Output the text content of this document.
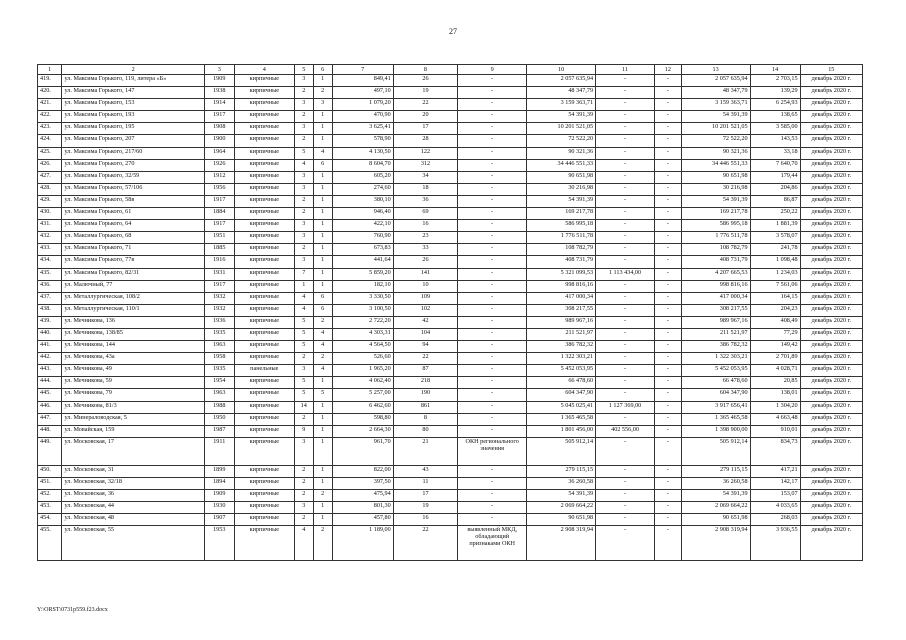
27
1	2	3	4	5	6	7	8	9	10	11	12	13	14	15
419.	ул. Максима Горького, 119, литера «Б»	1909	кирпичные	3	1	849,41	26	-	2 057 635,94	-	-	2 057 635,94	2 703,15	декабрь 2020 г.
420.	ул. Максима Горького, 147	1938	кирпичные	2	2	497,10	19	-	48 347,79	-	-	48 347,79	139,29	декабрь 2020 г.
421.	ул. Максима Горького, 153	1914	кирпичные	3	3	1 079,20	22	-	3 159 363,71	-	-	3 159 363,71	6 254,93	декабрь 2020 г.
422.	ул. Максима Горького, 193	1917	кирпичные	2	1	470,90	20	-	54 391,39	-	-	54 391,39	138,65	декабрь 2020 г.
423.	ул. Максима Горького, 195	1908	кирпичные	3	1	3 625,41	17	-	10 201 521,05	-	-	10 201 521,05	3 585,00	декабрь 2020 г.
424.	ул. Максима Горького, 207	1900	кирпичные	2	1	578,90	28	-	72 522,20	-	-	72 522,20	143,53	декабрь 2020 г.
425.	ул. Максима Горького, 217/60	1964	кирпичные	5	4	4 130,50	122	-	90 321,36	-	-	90 321,36	33,18	декабрь 2020 г.
426.	ул. Максима Горького, 270	1926	кирпичные	4	6	8 604,70	312	-	34 446 551,33	-	-	34 446 551,33	7 640,70	декабрь 2020 г.
427.	ул. Максима Горького, 32/59	1912	кирпичные	3	1	605,20	34	-	90 651,98	-	-	90 651,98	179,44	декабрь 2020 г.
428.	ул. Максима Горького, 57/106	1956	кирпичные	3	1	274,60	18	-	30 216,98	-	-	30 216,98	204,86	декабрь 2020 г.
429.	ул. Максима Горького, 58в	1917	кирпичные	2	1	380,10	36	-	54 391,39	-	-	54 391,39	86,87	декабрь 2020 г.
430.	ул. Максима Горького, 61	1884	кирпичные	2	1	946,40	69	-	169 217,78	-	-	169 217,78	250,22	декабрь 2020 г.
431.	ул. Максима Горького, 64	1917	кирпичные	3	1	422,10	16	-	586 995,18	-	-	586 995,18	1 881,39	декабрь 2020 г.
432.	ул. Максима Горького, 68	1951	кирпичные	3	1	760,90	23	-	1 776 511,78	-	-	1 776 511,78	3 578,07	декабрь 2020 г.
433.	ул. Максима Горького, 71	1885	кирпичные	2	1	673,83	33	-	108 782,79	-	-	108 782,79	241,78	декабрь 2020 г.
434.	ул. Максима Горького, 77в	1916	кирпичные	3	1	441,64	26	-	408 731,79	-	-	408 731,79	1 098,48	декабрь 2020 г.
435.	ул. Максима Горького, 82/31	1931	кирпичные	7	1	5 859,20	141	-	5 321 099,53	1 113 434,00	-	4 207 665,53	1 234,03	декабрь 2020 г.
436.	ул. Малючный, 77	1917	кирпичные	1	1	182,10	10	-	998 816,16	-	-	998 816,16	7 561,06	декабрь 2020 г.
437.	ул. Металлургическая, 108/2	1932	кирпичные	4	6	3 330,50	109	-	417 000,34	-	-	417 000,34	164,15	декабрь 2020 г.
438.	ул. Металлургическая, 110/1	1932	кирпичные	4	6	3 100,50	102	-	308 217,55	-	-	308 217,55	204,23	декабрь 2020 г.
439.	ул. Мечникова, 136	1936	кирпичные	5	2	2 722,20	42	-	989 967,16	-	-	989 967,16	408,49	декабрь 2020 г.
440.	ул. Мечникова, 138/85	1935	кирпичные	5	4	4 303,31	104	-	211 521,97	-	-	211 521,97	77,29	декабрь 2020 г.
441.	ул. Мечникова, 144	1963	кирпичные	5	4	4 564,50	94	-	386 782,32	-	-	386 782,32	149,42	декабрь 2020 г.
442.	ул. Мечникова, 43а	1958	кирпичные	2	2	526,60	22	-	1 322 303,21	-	-	1 322 303,21	2 701,89	декабрь 2020 г.
443.	ул. Мечникова, 49	1935	панельные	3	4	1 965,20	87	-	5 452 053,95	-	-	5 452 053,95	4 028,71	декабрь 2020 г.
444.	ул. Мечникова, 59	1954	кирпичные	5	1	4 062,40	218	-	66 478,60	-	-	66 478,60	20,85	декабрь 2020 г.
445.	ул. Мечникова, 79	1963	кирпичные	5	5	5 257,00	190	-	604 347,90	-	-	604 347,90	138,01	декабрь 2020 г.
446.	ул. Мечникова, 81/3	1988	кирпичные	14	1	6 462,60	861	-	5 045 025,41	1 127 369,00	-	3 917 656,41	1 304,20	декабрь 2020 г.
447.	ул. Минераловодская, 5	1950	кирпичные	2	1	598,80	8	-	1 365 465,58	-	-	1 365 465,58	4 663,48	декабрь 2020 г.
448.	ул. Мовайская, 159	1987	кирпичные	9	1	2 664,30	80	-	1 801 456,00	402 556,00	-	1 398 900,00	910,01	декабрь 2020 г.
449.	ул. Московская, 17	1911	кирпичные	3	1	961,70	21	ОКН регионального значения	505 912,14	-	-	505 912,14	834,73	декабрь 2020 г.
450.	ул. Московская, 31	1899	кирпичные	2	1	822,00	43	-	279 115,15	-	-	279 115,15	417,21	декабрь 2020 г.
451.	ул. Московская, 32/18	1894	кирпичные	2	1	397,50	11	-	36 260,58	-	-	36 260,58	142,17	декабрь 2020 г.
452.	ул. Московская, 36	1909	кирпичные	2	2	475,94	17	-	54 391,39	-	-	54 391,39	153,07	декабрь 2020 г.
453.	ул. Московская, 44	1930	кирпичные	3	1	801,30	19	-	2 069 664,22	-	-	2 069 664,22	4 033,65	декабрь 2020 г.
454.	ул. Московская, 48	1907	кирпичные	2	1	457,80	16	-	90 651,98	-	-	90 651,98	268,03	декабрь 2020 г.
455.	ул. Московская, 55	1953	кирпичные	4	2	1 189,00	22	выявленный МКД, обладающий признаками ОКН	2 908 319,94	-	-	2 908 319,94	3 936,55	декабрь 2020 г.
Y:\ORST\0731p559.f23.docx
